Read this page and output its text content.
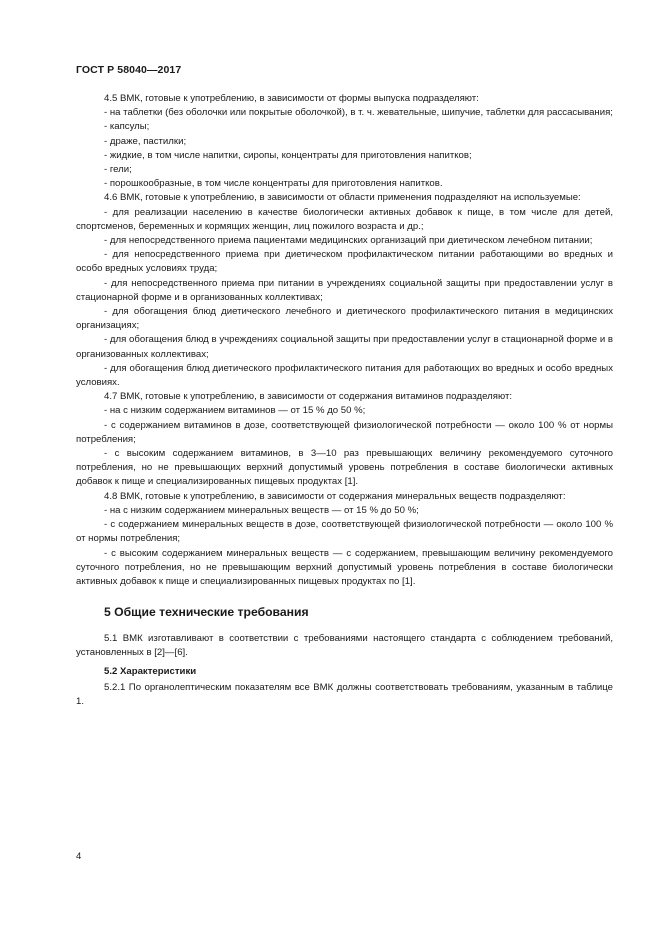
ГОСТ Р 58040—2017

4.5 ВМК, готовые к употреблению, в зависимости от формы выпуска подразделяют:

- на таблетки (без оболочки или покрытые оболочкой), в т. ч. жевательные, шипучие, таблетки для рассасывания;

- капсулы;

- драже, пастилки;

- жидкие, в том числе напитки, сиропы, концентраты для приготовления напитков;

- гели;

- порошкообразные, в том числе концентраты для приготовления напитков.

4.6 ВМК, готовые к употреблению, в зависимости от области применения подразделяют на используемые:

- для реализации населению в качестве биологически активных добавок к пище, в том числе для детей, спортсменов, беременных и кормящих женщин, лиц пожилого возраста и др.;

- для непосредственного приема пациентами медицинских организаций при диетическом лечебном питании;

- для непосредственного приема при диетическом профилактическом питании работающими во вредных и особо вредных условиях труда;

- для непосредственного приема при питании в учреждениях социальной защиты при предоставлении услуг в стационарной форме и в организованных коллективах;

- для обогащения блюд диетического лечебного и диетического профилактического питания в медицинских организациях;

- для обогащения блюд в учреждениях социальной защиты при предоставлении услуг в стационарной форме и в организованных коллективах;

- для обогащения блюд диетического профилактического питания для работающих во вредных и особо вредных условиях.

4.7 ВМК, готовые к употреблению, в зависимости от содержания витаминов подразделяют:

- на с низким содержанием витаминов — от 15 % до 50 %;

- с содержанием витаминов в дозе, соответствующей физиологической потребности — около 100 % от нормы потребления;

- с высоким содержанием витаминов, в 3—10 раз превышающих величину рекомендуемого суточного потребления, но не превышающих верхний допустимый уровень потребления в составе биологически активных добавок к пище и специализированных пищевых продуктах [1].

4.8 ВМК, готовые к употреблению, в зависимости от содержания минеральных веществ подразделяют:

- на с низким содержанием минеральных веществ — от 15 % до 50 %;

- с содержанием минеральных веществ в дозе, соответствующей физиологической потребности — около 100 % от нормы потребления;

- с высоким содержанием минеральных веществ — с содержанием, превышающим величину рекомендуемого суточного потребления, но не превышающим верхний допустимый уровень потребления в составе биологически активных добавок к пище и специализированных пищевых продуктах по [1].

5 Общие технические требования

5.1 ВМК изготавливают в соответствии с требованиями настоящего стандарта с соблюдением требований, установленных в [2]—[6].

5.2 Характеристики

5.2.1 По органолептическим показателям все ВМК должны соответствовать требованиям, указанным в таблице 1.

4
